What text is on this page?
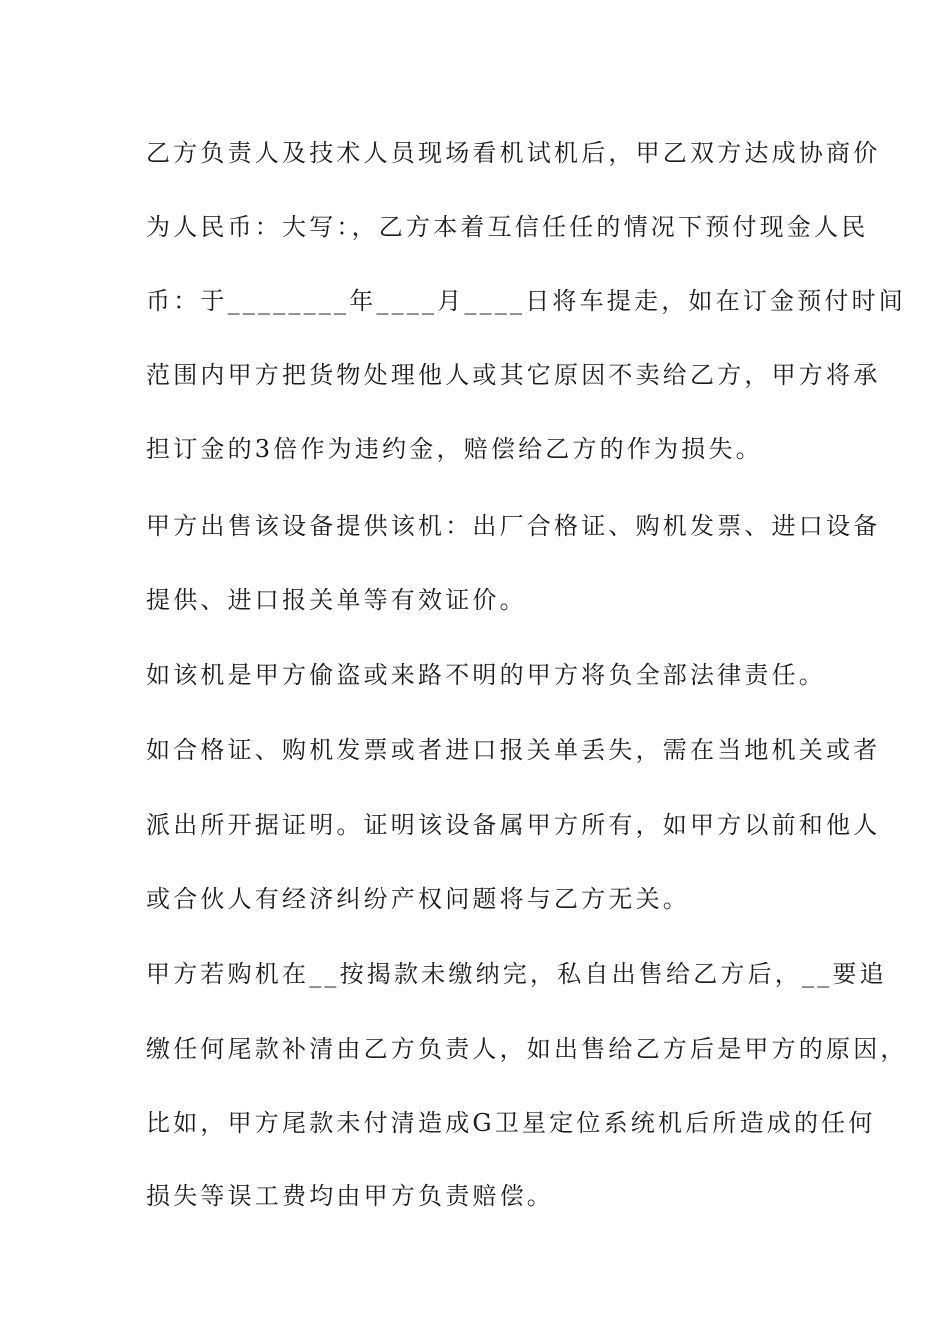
乙方负责人及技术人员现场看机试机后，甲乙双方达成协商价
为人民币：大写：，乙方本着互信任任的情况下预付现金人民
币：于________年____月____日将车提走，如在订金预付时间
范围内甲方把货物处理他人或其它原因不卖给乙方，甲方将承
担订金的3倍作为违约金，赔偿给乙方的作为损失。
甲方出售该设备提供该机：出厂合格证、购机发票、进口设备
提供、进口报关单等有效证价。
如该机是甲方偷盗或来路不明的甲方将负全部法律责任。
如合格证、购机发票或者进口报关单丢失，需在当地机关或者
派出所开据证明。证明该设备属甲方所有，如甲方以前和他人
或合伙人有经济纠纷产权问题将与乙方无关。
甲方若购机在__按揭款未缴纳完，私自出售给乙方后，__要追
缴任何尾款补清由乙方负责人，如出售给乙方后是甲方的原因，
比如，甲方尾款未付清造成G卫星定位系统机后所造成的任何
损失等误工费均由甲方负责赔偿。
